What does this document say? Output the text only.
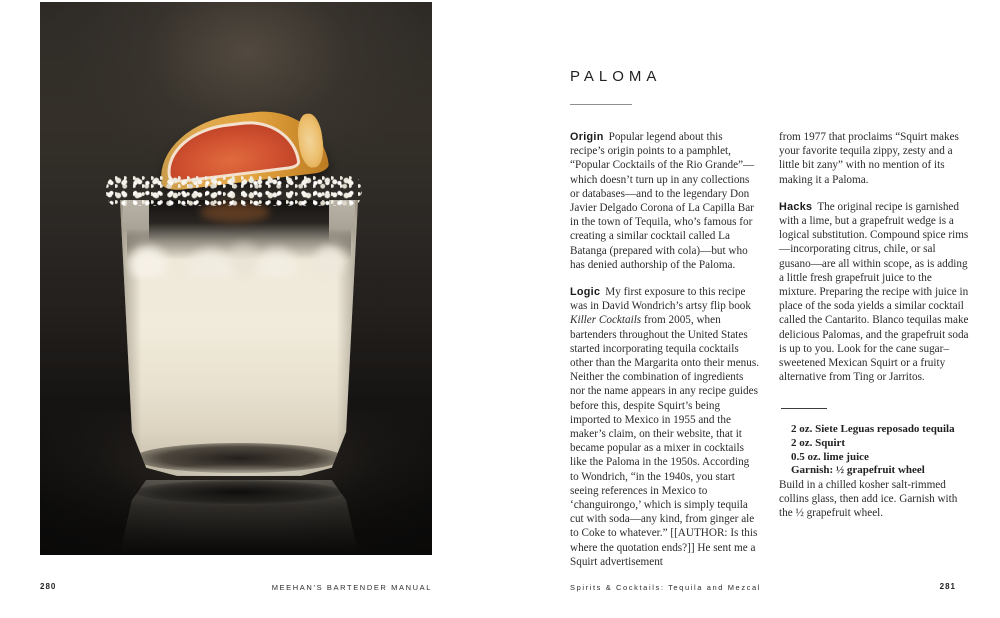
PALOMA

Origin Popular legend about this recipe’s origin points to a pamphlet, “Popular Cocktails of the Rio Grande”—which doesn’t turn up in any collections or databases—and to the legendary Don Javier Delgado Corona of La Capilla Bar in the town of Tequila, who’s famous for creating a similar cocktail called La Batanga (prepared with cola)—but who has denied authorship of the Paloma.

Logic My first exposure to this recipe was in David Wondrich’s artsy flip book Killer Cocktails from 2005, when bartenders throughout the United States started incorporating tequila cocktails other than the Margarita onto their menus. Neither the combination of ingredients nor the name appears in any recipe guides before this, despite Squirt’s being imported to Mexico in 1955 and the maker’s claim, on their website, that it became popular as a mixer in cocktails like the Paloma in the 1950s. According to Wondrich, “in the 1940s, you start seeing references in Mexico to ‘changuirongo,’ which is simply tequila cut with soda—any kind, from ginger ale to Coke to whatever.” [[AUTHOR: Is this where the quotation ends?]] He sent me a Squirt advertisement

from 1977 that proclaims “Squirt makes your favorite tequila zippy, zesty and a little bit zany” with no mention of its making it a Paloma.

Hacks The original recipe is garnished with a lime, but a grapefruit wedge is a logical substitution. Compound spice rims—incorporating citrus, chile, or sal gusano—are all within scope, as is adding a little fresh grapefruit juice to the mixture. Preparing the recipe with juice in place of the soda yields a similar cocktail called the Cantarito. Blanco tequilas make delicious Palomas, and the grapefruit soda is up to you. Look for the cane sugar–sweetened Mexican Squirt or a fruity alternative from Ting or Jarritos.

2 oz. Siete Leguas reposado tequila
2 oz. Squirt
0.5 oz. lime juice
Garnish: ½ grapefruit wheel

Build in a chilled kosher salt-rimmed collins glass, then add ice. Garnish with the ½ grapefruit wheel.

280	MEEHAN’S BARTENDER MANUAL	Spirits & Cocktails: Tequila and Mezcal	281
